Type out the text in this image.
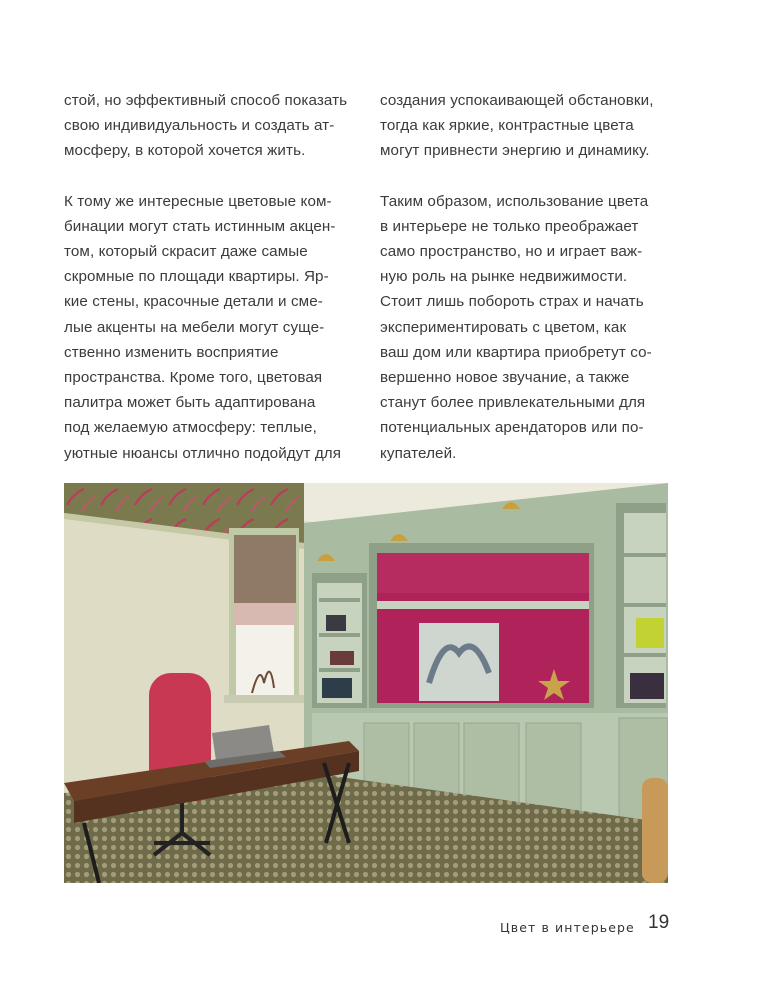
стой, но эффективный способ показать
свою индивидуальность и создать ат-
мосферу, в которой хочется жить.

К тому же интересные цветовые ком-
бинации могут стать истинным акцен-
том, который скрасит даже самые
скромные по площади квартиры. Яр-
кие стены, красочные детали и сме-
лые акценты на мебели могут суще-
ственно изменить восприятие
пространства. Кроме того, цветовая
палитра может быть адаптирована
под желаемую атмосферу: теплые,
уютные нюансы отлично подойдут для

создания успокаивающей обстановки,
тогда как яркие, контрастные цвета
могут привнести энергию и динамику.

Таким образом, использование цвета
в интерьере не только преображает
само пространство, но и играет важ-
ную роль на рынке недвижимости.
Стоит лишь побороть страх и начать
экспериментировать с цветом, как
ваш дом или квартира приобретут со-
вершенно новое звучание, а также
станут более привлекательными для
потенциальных арендаторов или по-
купателей.

Цвет в интерьере 19
